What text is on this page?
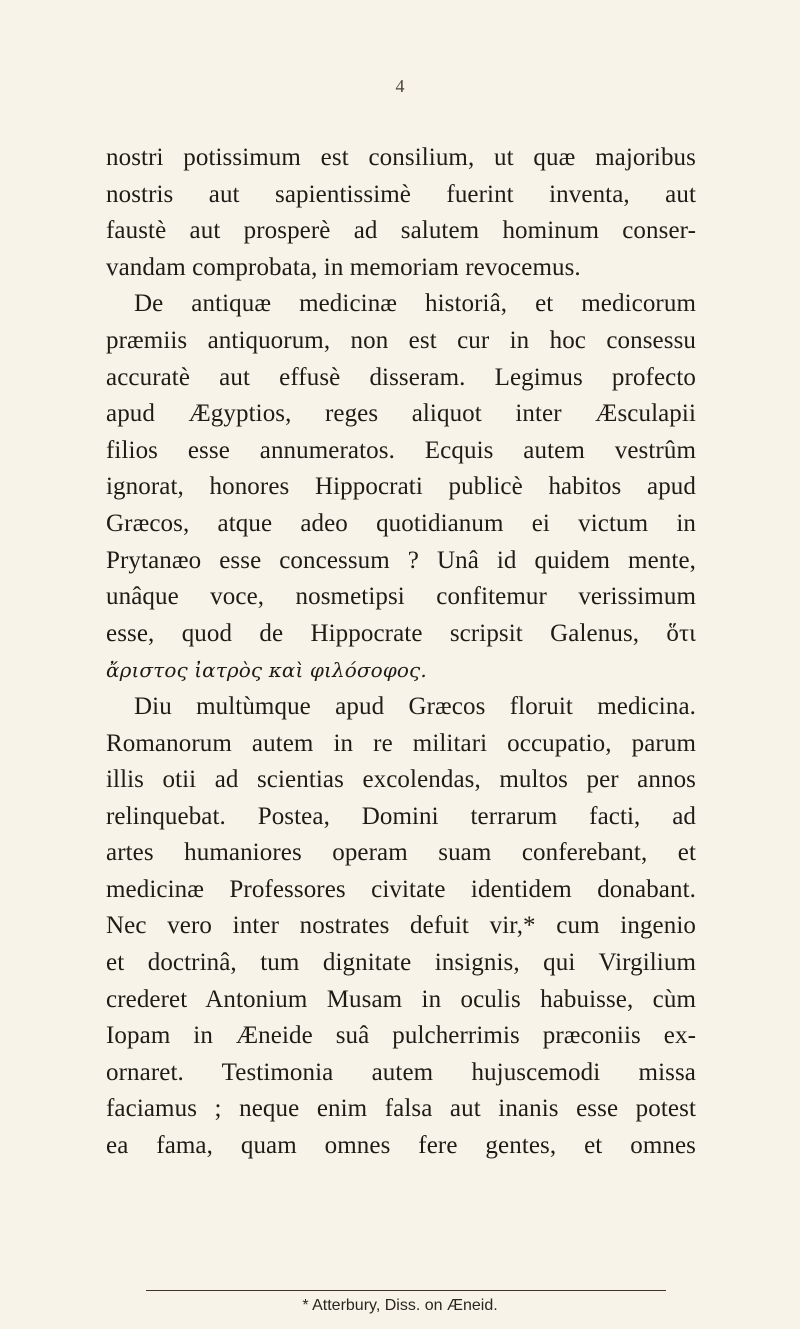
4
nostri potissimum est consilium, ut quæ majoribus
nostris aut sapientissimè fuerint inventa, aut
faustè aut prosperè ad salutem hominum conser-
vandam comprobata, in memoriam revocemus.
De antiquæ medicinæ historiâ, et medicorum
præmiis antiquorum, non est cur in hoc consessu
accuratè aut effusè disseram. Legimus profecto
apud Ægyptios, reges aliquot inter Æsculapii
filios esse annumeratos. Ecquis autem vestrûm
ignorat, honores Hippocrati publicè habitos apud
Græcos, atque adeo quotidianum ei victum in
Prytanæo esse concessum ? Unâ id quidem mente,
unâque voce, nosmetipsi confitemur verissimum
esse, quod de Hippocrate scripsit Galenus, ὅτι
ἄριστος ἰατρὸς καὶ φιλόσοφος.
Diu multùmque apud Græcos floruit medicina.
Romanorum autem in re militari occupatio, parum
illis otii ad scientias excolendas, multos per annos
relinquebat. Postea, Domini terrarum facti, ad
artes humaniores operam suam conferebant, et
medicinæ Professores civitate identidem donabant.
Nec vero inter nostrates defuit vir,* cum ingenio
et doctrinâ, tum dignitate insignis, qui Virgilium
crederet Antonium Musam in oculis habuisse, cùm
Iopam in Æneide suâ pulcherrimis præconiis ex-
ornaret. Testimonia autem hujuscemodi missa
faciamus ; neque enim falsa aut inanis esse potest
ea fama, quam omnes fere gentes, et omnes
* Atterbury, Diss. on Æneid.
